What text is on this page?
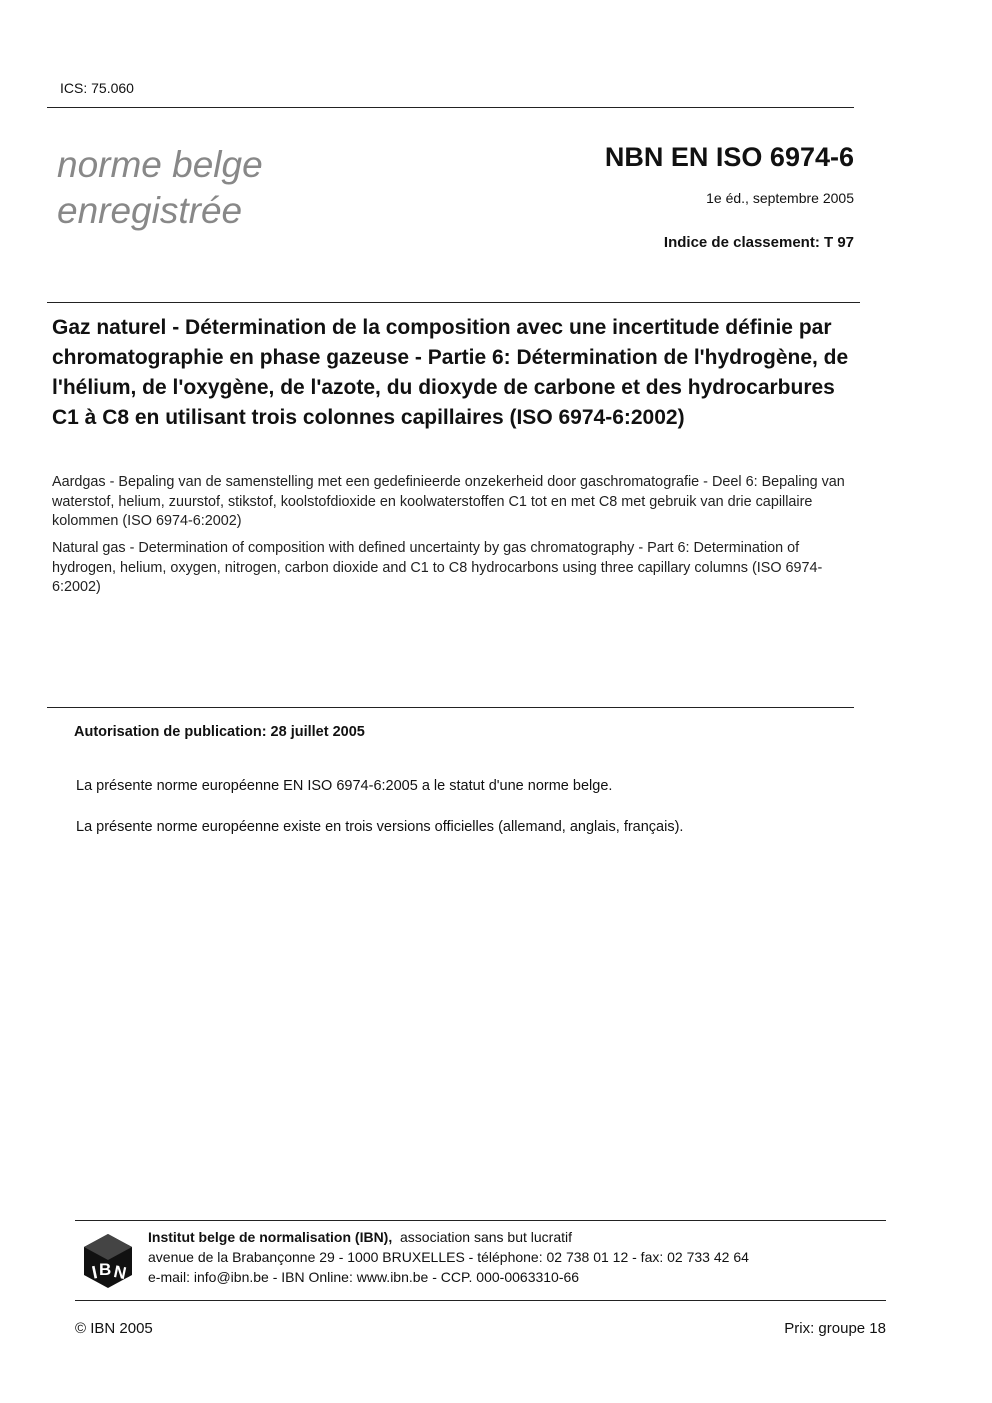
ICS: 75.060
norme belge
enregistrée
NBN EN ISO 6974-6
1e éd., septembre 2005
Indice de classement: T 97
Gaz naturel - Détermination de la composition avec une incertitude définie par chromatographie en phase gazeuse - Partie 6: Détermination de l'hydrogène, de l'hélium, de l'oxygène, de l'azote, du dioxyde de carbone et des hydrocarbures C1 à C8 en utilisant trois colonnes capillaires (ISO 6974-6:2002)
Aardgas - Bepaling van de samenstelling met een gedefinieerde onzekerheid door gaschromatografie - Deel 6: Bepaling van waterstof, helium, zuurstof, stikstof, koolstofdioxide en koolwaterstoffen C1 tot en met C8 met gebruik van drie capillaire kolommen (ISO 6974-6:2002)
Natural gas - Determination of composition with defined uncertainty by gas chromatography - Part 6: Determination of hydrogen, helium, oxygen, nitrogen, carbon dioxide and C1 to C8 hydrocarbons using three capillary columns (ISO 6974-6:2002)
Autorisation de publication: 28 juillet 2005
La présente norme européenne EN ISO 6974-6:2005 a le statut d'une norme belge.
La présente norme européenne existe en trois versions officielles (allemand, anglais, français).
I B N
Institut belge de normalisation (IBN), association sans but lucratif
avenue de la Brabançonne 29 - 1000 BRUXELLES - téléphone: 02 738 01 12 - fax: 02 733 42 64
e-mail: info@ibn.be - IBN Online: www.ibn.be - CCP. 000-0063310-66
© IBN 2005	Prix: groupe 18
